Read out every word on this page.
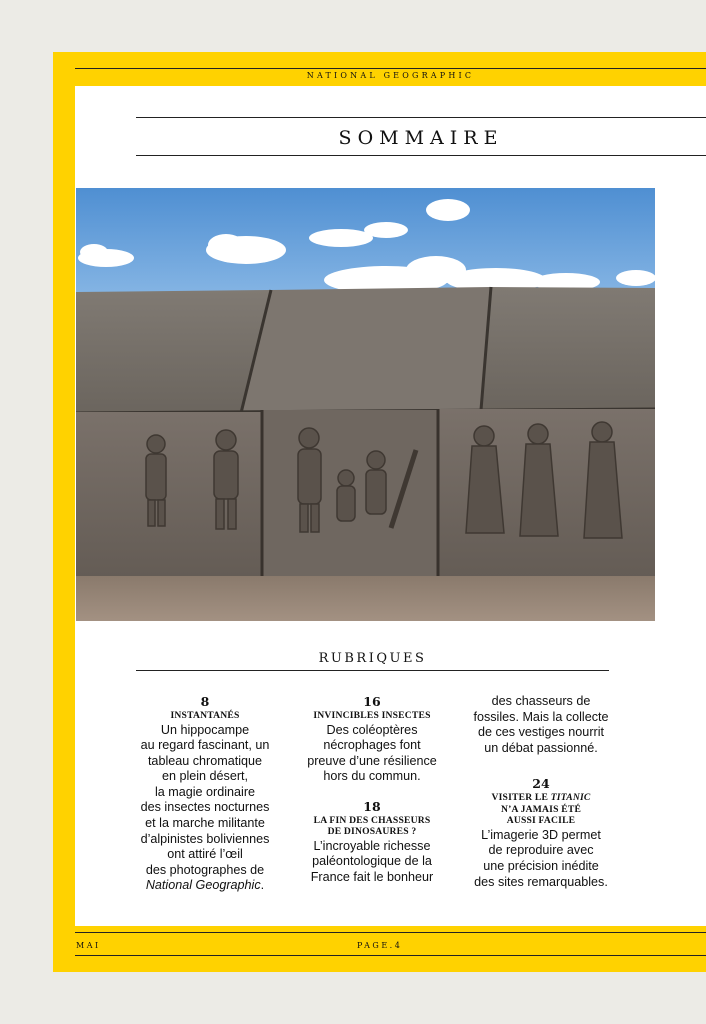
NATIONAL GEOGRAPHIC
SOMMAIRE
RUBRIQUES
8
INSTANTANÉS
Un hippocampe
au regard fascinant, un
tableau chromatique
en plein désert,
la magie ordinaire
des insectes nocturnes
et la marche militante
d’alpinistes boliviennes
ont attiré l’œil
des photographes de
National Geographic.
16
INVINCIBLES INSECTES
Des coléoptères
nécrophages font
preuve d’une résilience
hors du commun.
18
LA FIN DES CHASSEURS
DE DINOSAURES ?
L’incroyable richesse
paléontologique de la
France fait le bonheur
des chasseurs de
fossiles. Mais la collecte
de ces vestiges nourrit
un débat passionné.
24
VISITER LE TITANIC
N’A JAMAIS ÉTÉ
AUSSI FACILE
L’imagerie 3D permet
de reproduire avec
une précision inédite
des sites remarquables.
MAI	PAGE.4
